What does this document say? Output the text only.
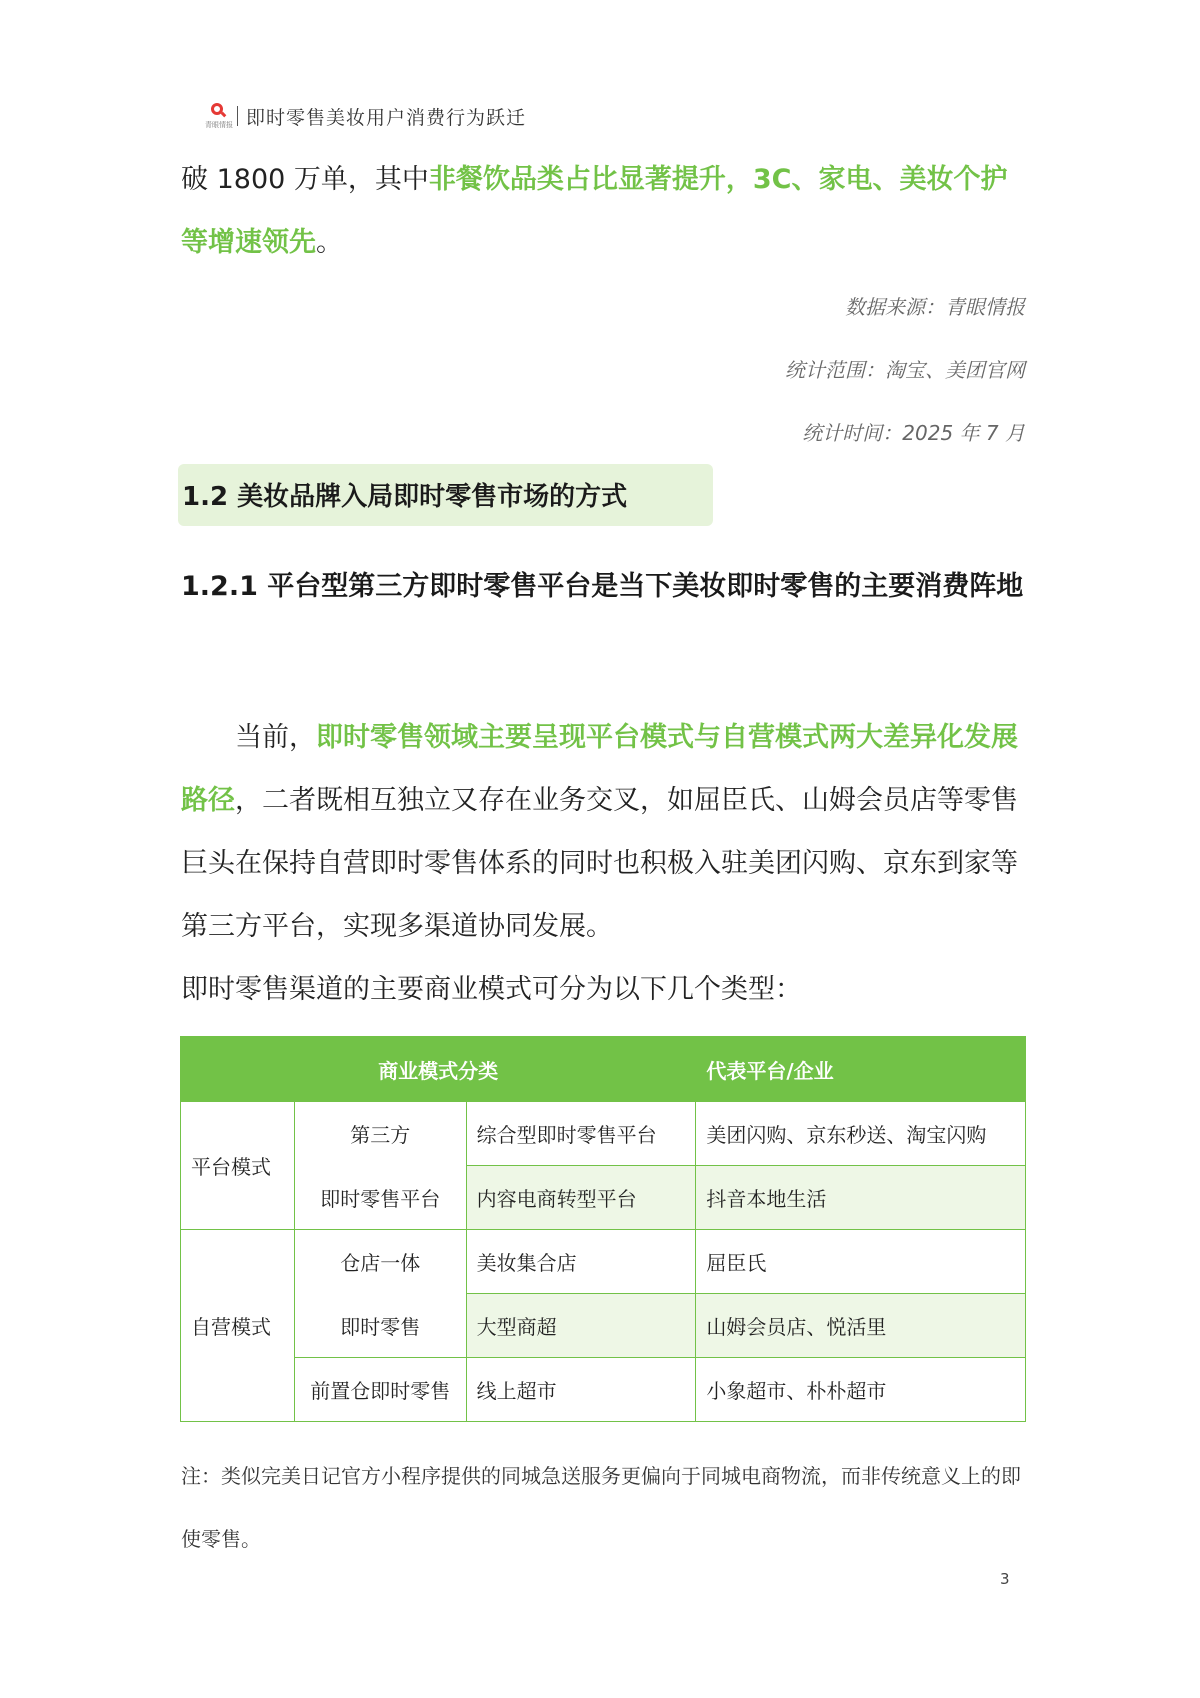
青眼情报 即时零售美妆用户消费行为跃迁
破 1800 万单，其中非餐饮品类占比显著提升，3C、家电、美妆个护等增速领先。
数据来源：青眼情报
统计范围：淘宝、美团官网
统计时间：2025 年 7 月
1.2 美妆品牌入局即时零售市场的方式
1.2.1 平台型第三方即时零售平台是当下美妆即时零售的主要消费阵地
当前，即时零售领域主要呈现平台模式与自营模式两大差异化发展路径，二者既相互独立又存在业务交叉，如屈臣氏、山姆会员店等零售巨头在保持自营即时零售体系的同时也积极入驻美团闪购、京东到家等第三方平台，实现多渠道协同发展。
即时零售渠道的主要商业模式可分为以下几个类型：
商业模式分类			代表平台/企业
平台模式	第三方	综合型即时零售平台	美团闪购、京东秒送、淘宝闪购
	即时零售平台	内容电商转型平台	抖音本地生活
自营模式	仓店一体	美妆集合店	屈臣氏
	即时零售	大型商超	山姆会员店、悦活里
	前置仓即时零售	线上超市	小象超市、朴朴超市
注：类似完美日记官方小程序提供的同城急送服务更偏向于同城电商物流，而非传统意义上的即使零售。
3
